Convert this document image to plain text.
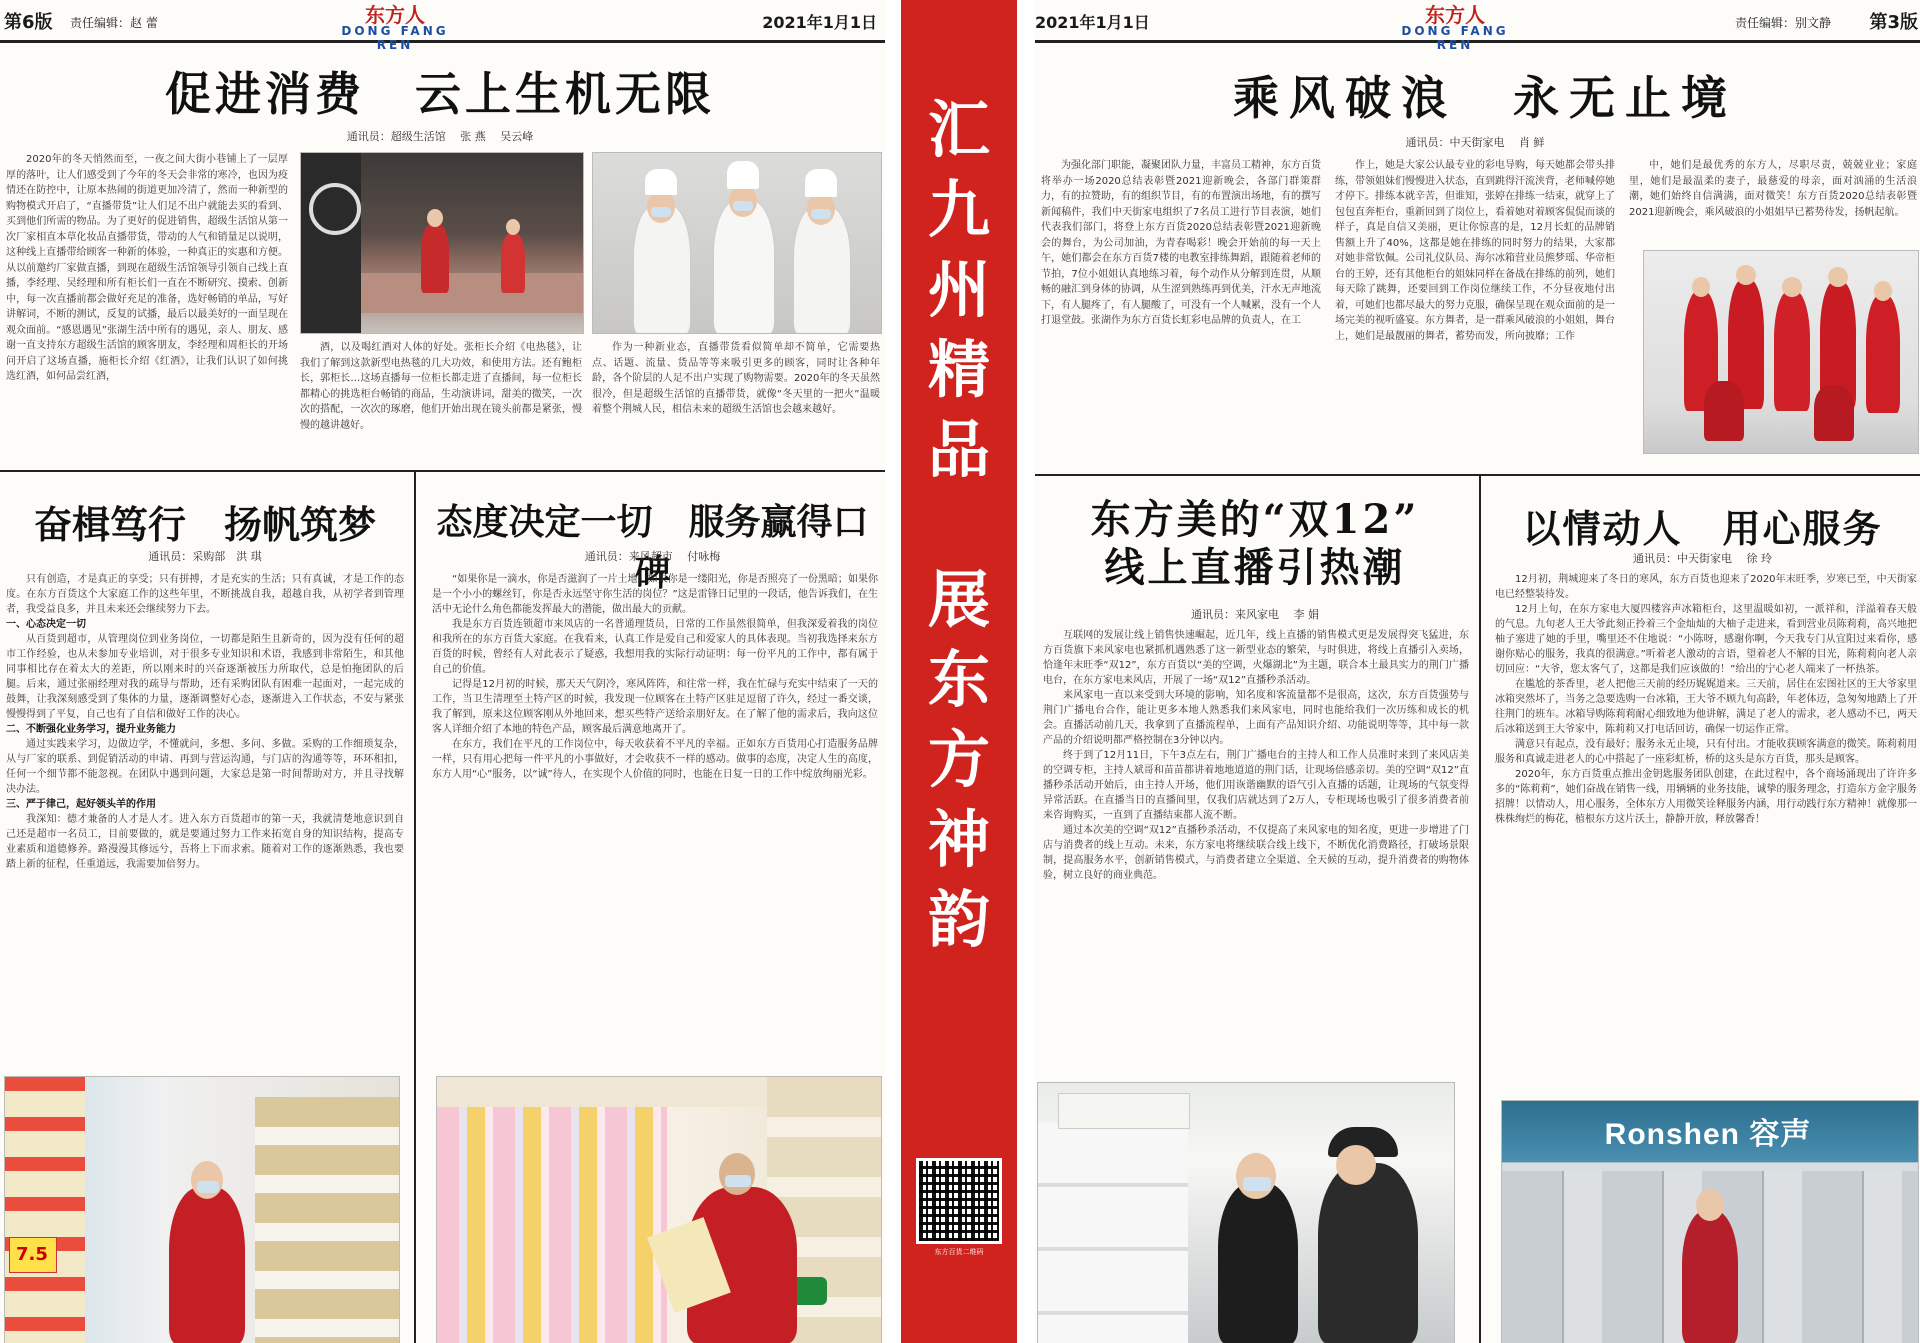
第6版 责任编辑：赵 蕾	东方人
DONG FANG REN
2021年1月1日
促进消费　云上生机无限
通讯员：超级生活馆　 张 燕　 吴云峰

2020年的冬天悄然而至，一夜之间大街小巷铺上了一层厚厚的落叶，让人们感受到了今年的冬天会非常的寒冷，也因为疫情还在防控中，让原本热闹的街道更加冷清了，然而一种新型的购物模式开启了，“直播带货”让人们足不出户就能去买的看到、买到他们所需的物品。为了更好的促进销售，超级生活馆从第一次厂家相直本草化妆品直播带货，带动的人气和销量足以说明，这种线上直播带给顾客一种新的体验，一种真正的实惠和方便。从以前邀约厂家做直播，到现在超级生活馆领导引领自己线上直播，李经理、吴经理和所有柜长们一直在不断研究、摸索、创新中，每一次直播前都会做好充足的准备，选好畅销的单品，写好讲解词，不断的测试，反复的试播，最后以最美好的一面呈现在观众面前。“感恩遇见”张湖生活中所有的遇见，亲人、朋友、感谢一直支持东方超级生活馆的顾客朋友，李经理和周柜长的开场问开启了这场直播，施柜长介绍《红酒》，让我们认识了如何挑选红酒，如何品尝红酒，

酒，以及喝红酒对人体的好处。张柜长介绍《电热毯》，让我们了解到这款新型电热毯的几大功效，和使用方法。还有鲍柜长，郭柜长…这场直播每一位柜长都走进了直播间，每一位柜长都精心的挑选柜台畅销的商品，生动演讲词，甜美的微笑，一次次的搭配，一次次的琢磨，他们开始出现在镜头前都是紧张，慢慢的越讲越好。

作为一种新业态，直播带货看似简单却不简单，它需要热点、话题、流量、货品等等来吸引更多的顾客，同时让各种年龄，各个阶层的人足不出户实现了购物需要。2020年的冬天虽然很冷，但是超级生活馆的直播带货，就像“冬天里的一把火”温暖着整个荆城人民，相信未来的超级生活馆也会越来越好。

奋楫笃行　扬帆筑梦
通讯员：采购部　洪 琪

只有创造，才是真正的享受；只有拼搏，才是充实的生活；只有真诚，才是工作的态度。在东方百货这个大家庭工作的这些年里，不断挑战自我，超越自我，从初学者到管理者，我受益良多，并且未来还会继续努力下去。

一、心态决定一切

从百货到超市，从管理岗位到业务岗位，一切都是陌生且新奇的，因为没有任何的超市工作经验，也从未参加专业培训，对于很多专业知识和术语，我感到非常陌生，和其他同事相比存在着太大的差距，所以刚来时的兴奋逐渐被压力所取代，总是怕拖团队的后腿。后来，通过张丽经理对我的疏导与帮助，还有采购团队有困难一起面对，一起完成的鼓舞，让我深刻感受到了集体的力量，逐渐调整好心态，逐渐进入工作状态，不安与紧张慢慢得到了平复，自己也有了自信和做好工作的决心。

二、不断强化业务学习，提升业务能力

通过实践来学习，边做边学，不懂就问，多想、多问、多做。采购的工作细琐复杂，从与厂家的联系、到促销活动的申请、再到与营运沟通，与门店的沟通等等，环环相扣，任何一个细节都不能忽视。在团队中遇到问题，大家总是第一时间帮助对方，并且寻找解决办法。

三、严于律己，起好领头羊的作用

我深知：德才兼备的人才是人才。进入东方百货超市的第一天，我就清楚地意识到自己还是超市一名员工，目前要做的，就是要通过努力工作来拓宽自身的知识结构，提高专业素质和道德修养。路漫漫其修远兮，吾将上下而求索。随着对工作的逐渐熟悉，我也要踏上新的征程，任重道远，我需要加倍努力。

7.5
态度决定一切　服务赢得口碑
通讯员：来风超市　 付咏梅

“如果你是一滴水，你是否滋润了一片土地；如果你是一缕阳光，你是否照亮了一份黑暗；如果你是一个小小的螺丝钉，你是否永远坚守你生活的岗位？”这是雷锋日记里的一段话，他告诉我们，在生活中无论什么角色都能发挥最大的潜能，做出最大的贡献。

我是东方百货连锁超市来凤店的一名普通理货员，日常的工作虽然很简单，但我深爱着我的岗位和我所在的东方百货大家庭。在我看来，认真工作是爱自己和爱家人的具体表现。当初我选择来东方百货的时候，曾经有人对此表示了疑惑，我想用我的实际行动证明：每一份平凡的工作中，都有属于自己的价值。

记得是12月初的时候，那天天气阴冷，寒风阵阵，和往常一样，我在忙碌与充实中结束了一天的工作，当卫生清理至土特产区的时候，我发现一位顾客在土特产区驻足逗留了许久，经过一番交谈，我了解到，原来这位顾客刚从外地回来，想买些特产送给亲朋好友。在了解了他的需求后，我向这位客人详细介绍了本地的特色产品，顾客最后满意地离开了。

在东方，我们在平凡的工作岗位中，每天收获着不平凡的幸福。正如东方百货用心打造服务品牌一样，只有用心把每一件平凡的小事做好，才会收获不一样的感动。做事的态度，决定人生的高度，东方人用“心”服务，以“诚”待人，在实现个人价值的同时，也能在日复一日的工作中绽放绚丽光彩。

汇
九
州
精
品
展
东
方
神
韵
东方百货二维码
2021年1月1日	东方人
DONG FANG REN
责任编辑：别文静 第3版
乘风破浪　永无止境
通讯员：中天街家电　 肖 鲜

为强化部门职能，凝聚团队力量，丰富员工精神，东方百货将举办一场2020总结表彰暨2021迎新晚会，各部门群策群力，有的拉赞助，有的组织节目，有的布置演出场地，有的撰写新闻稿件，我们中天街家电组织了7名员工进行节目表演，她们代表我们部门，将登上东方百货2020总结表彰暨2021迎新晚会的舞台，为公司加油，为青春喝彩！晚会开始前的每一天上午，她们都会在东方百货7楼的电教室排练舞蹈，跟随着老师的节拍，7位小姐姐认真地练习着，每个动作从分解到连贯，从顺畅的融汇到身体的协调，从生涩到熟练再到优美，汗水无声地流下，有人腿疼了，有人腿酸了，可没有一个人喊累，没有一个人打退堂鼓。张湖作为东方百货长虹彩电品牌的负责人，在工

作上，她是大家公认最专业的彩电导购，每天她都会带头排练，带领姐妹们慢慢进入状态，直到跳得汗流浃背，老师喊停她才停下。排练本就辛苦，但谁知，张婷在排练一结束，就穿上了包包直奔柜台，重新回到了岗位上，看着她对着顾客侃侃而谈的样子，真是自信又美丽，更让你惊喜的是，12月长虹的品牌销售额上升了40%，这都是她在排练的同时努力的结果，大家都对她非常钦佩。公司礼仪队员、海尔冰箱营业员熊梦瑶、华帝柜台的王婷，还有其他柜台的姐妹同样在备战在排练的前列，她们每天除了跳舞，还要回到工作岗位继续工作，不分昼夜地付出着，可她们也都尽最大的努力克服，确保呈现在观众面前的是一场完美的视听盛宴。东方舞者，是一群乘风破浪的小姐姐，舞台上，她们是最靓丽的舞者，蓄势而发，所向披靡；工作

中，她们是最优秀的东方人，尽职尽责，兢兢业业；家庭里，她们是最温柔的妻子，最慈爱的母亲，面对汹涌的生活浪潮，她们始终自信满满，面对微笑！东方百货2020总结表彰暨2021迎新晚会，乘风破浪的小姐姐早已蓄势待发，扬帆起航。

东方美的“双12”
线上直播引热潮
通讯员：来风家电　 李 娟

互联网的发展让线上销售快速崛起，近几年，线上直播的销售模式更是发展得突飞猛进，东方百货旗下来风家电也紧抓机遇熟悉了这一新型业态的繁荣，与时俱进，将线上直播引入卖场，恰逢年末旺季“双12”，东方百货以“美的空调，火爆湖北”为主题，联合本土最具实力的荆门广播电台，在东方家电来风店，开展了一场“双12”直播秒杀活动。

来风家电一直以来受到大环境的影响，知名度和客流量都不是很高，这次，东方百货强势与荆门广播电台合作，能让更多本地人熟悉我们来风家电，同时也能给我们一次历练和成长的机会。直播活动前几天，我拿到了直播流程单，上面有产品知识介绍、功能说明等等，其中每一款产品的介绍说明都严格控制在3分钟以内。

终于到了12月11日，下午3点左右，荆门广播电台的主持人和工作人员准时来到了来风店美的空调专柜，主持人斌哥和苗苗都讲着地地道道的荆门话，让现场倍感亲切。美的空调“双12”直播秒杀活动开始后，由主持人开场，他们用诙谐幽默的语气引入直播的话题，让现场的气氛变得异常活跃。在直播当日的直播间里，仅我们店就达到了2万人，专柜现场也吸引了很多消费者前来咨询购买，一直到了直播结束都人流不断。

通过本次美的空调“双12”直播秒杀活动，不仅提高了来风家电的知名度，更进一步增进了门店与消费者的线上互动。未来，东方家电将继续联合线上线下，不断优化消费路径，打破场景限制，提高服务水平，创新销售模式，与消费者建立全渠道、全天候的互动，提升消费者的购物体验，树立良好的商业典范。

以情动人　用心服务
通讯员：中天街家电　 徐 玲

12月初，荆城迎来了冬日的寒风，东方百货也迎来了2020年末旺季，岁寒已至，中天街家电已经整装待发。

12月上旬，在东方家电大厦四楼容声冰箱柜台，这里温暖如初，一派祥和，洋溢着春天般的气息。九旬老人王大爷此刻正拎着三个金灿灿的大柚子走进来，看到营业员陈莉莉，高兴地把柚子塞进了她的手里，嘴里还不住地说：“小陈呀，感谢你啊，今天我专门从宜阳过来看你，感谢你贴心的服务，我真的很满意。”听着老人激动的言语，望着老人不解的目光，陈莉莉向老人亲切回应：“大爷，您太客气了，这都是我们应该做的！”给出的宁心老人端来了一杯热茶。

在尴尬的茶香里，老人把他三天前的经历娓娓道来。三天前，居住在宏图社区的王大爷家里冰箱突然坏了，当务之急要选购一台冰箱，王大爷不顾九旬高龄，年老体迈，急匆匆地踏上了开往荆门的班车。冰箱导购陈莉莉耐心细致地为他讲解，满足了老人的需求，老人感动不已，两天后冰箱送到王大爷家中，陈莉莉又打电话回访，确保一切运作正常。

满意只有起点，没有最好；服务永无止境，只有付出。才能收获顾客满意的微笑。陈莉莉用服务和真诚走进老人的心中搭起了一座彩虹桥，桥的这头是东方百货，那头是顾客。

2020年，东方百货重点推出金钥匙服务团队创建，在此过程中，各个商场涌现出了许许多多的“陈莉莉”，她们奋战在销售一线，用辆辆的业务技能，诚挚的服务理念，打造东方金字服务招牌！以情动人，用心服务，全体东方人用微笑诠释服务内涵，用行动践行东方精神！就像那一株株绚烂的梅花，植根东方这片沃土，静静开放，释放馨香！

Ronshen 容声
